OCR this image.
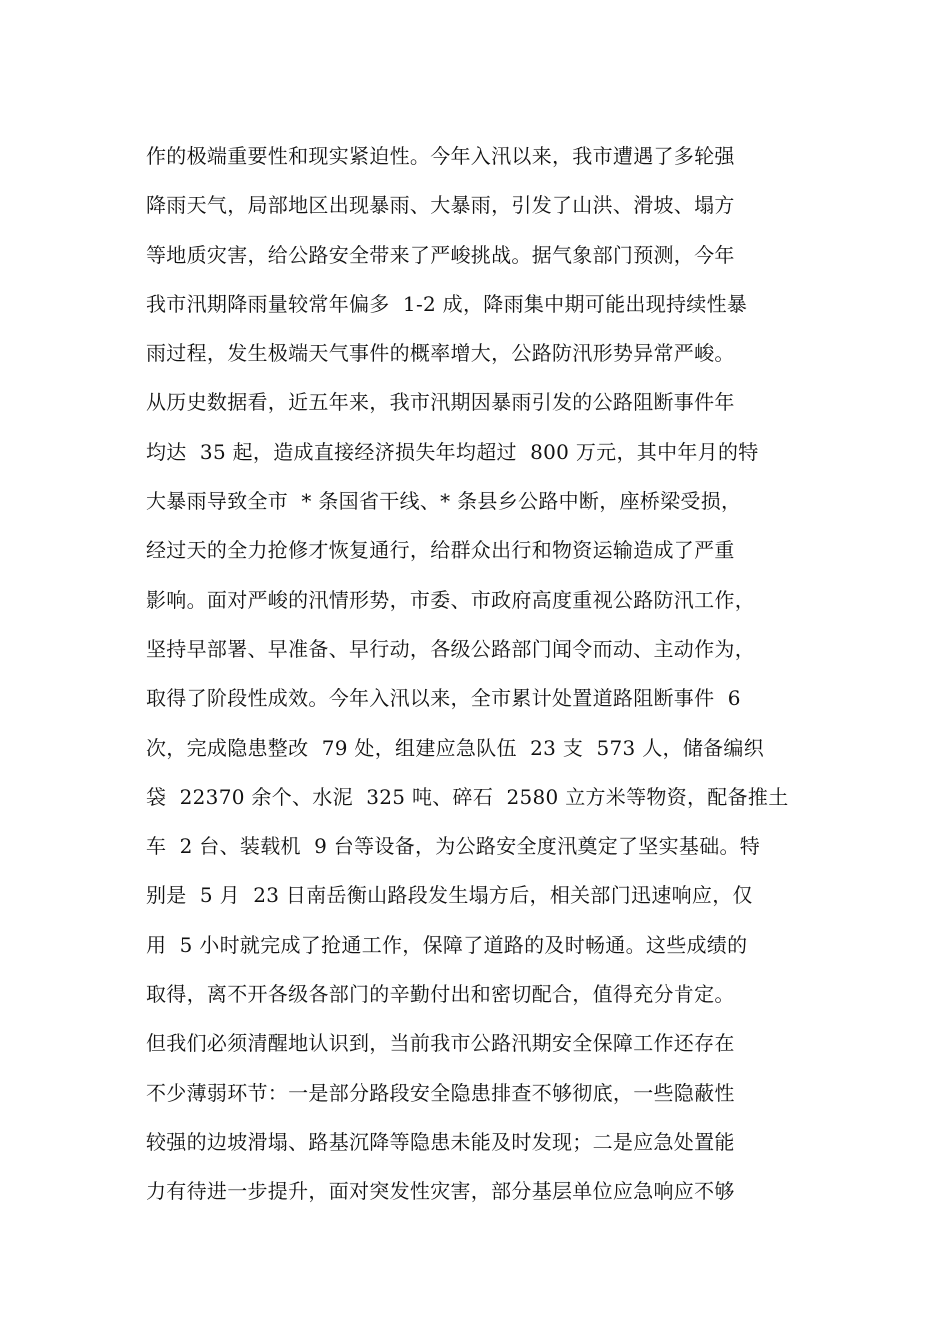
作的极端重要性和现实紧迫性。今年入汛以来，我市遭遇了多轮强
降雨天气，局部地区出现暴雨、大暴雨，引发了山洪、滑坡、塌方
等地质灾害，给公路安全带来了严峻挑战。据气象部门预测，今年
我市汛期降雨量较常年偏多  1-2 成，降雨集中期可能出现持续性暴
雨过程，发生极端天气事件的概率增大，公路防汛形势异常严峻。
从历史数据看，近五年来，我市汛期因暴雨引发的公路阻断事件年
均达  35 起，造成直接经济损失年均超过  800 万元，其中年月的特
大暴雨导致全市  * 条国省干线、* 条县乡公路中断，座桥梁受损，
经过天的全力抢修才恢复通行，给群众出行和物资运输造成了严重
影响。面对严峻的汛情形势，市委、市政府高度重视公路防汛工作，
坚持早部署、早准备、早行动，各级公路部门闻令而动、主动作为，
取得了阶段性成效。今年入汛以来，全市累计处置道路阻断事件  6
次，完成隐患整改  79 处，组建应急队伍  23 支  573 人，储备编织
袋  22370 余个、水泥  325 吨、碎石  2580 立方米等物资，配备推土
车  2 台、装载机  9 台等设备，为公路安全度汛奠定了坚实基础。特
别是  5 月  23 日南岳衡山路段发生塌方后，相关部门迅速响应，仅
用  5 小时就完成了抢通工作，保障了道路的及时畅通。这些成绩的
取得，离不开各级各部门的辛勤付出和密切配合，值得充分肯定。
但我们必须清醒地认识到，当前我市公路汛期安全保障工作还存在
不少薄弱环节：一是部分路段安全隐患排查不够彻底，一些隐蔽性
较强的边坡滑塌、路基沉降等隐患未能及时发现；二是应急处置能
力有待进一步提升，面对突发性灾害，部分基层单位应急响应不够
